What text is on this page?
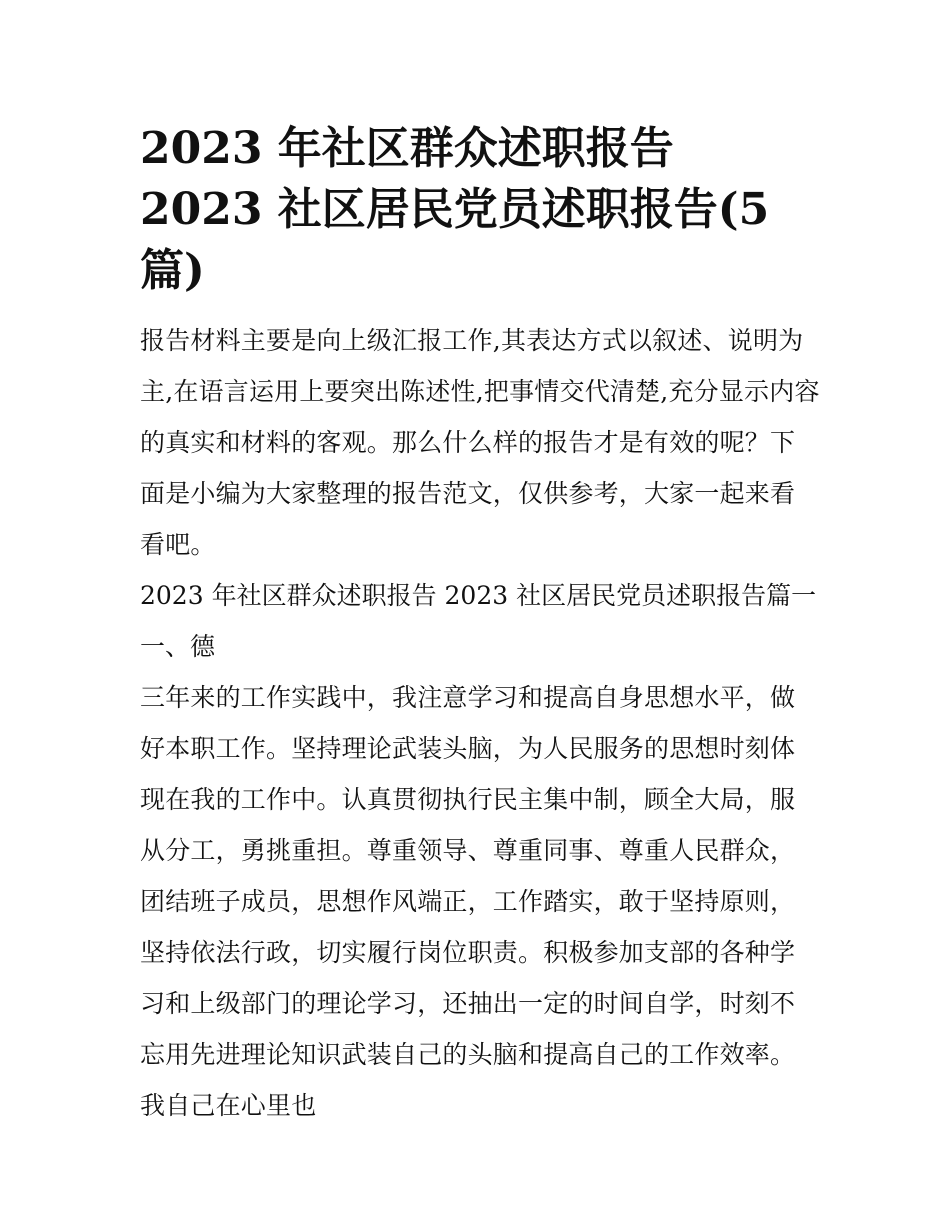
2023 年社区群众述职报告
2023 社区居民党员述职报告(5
篇)

报告材料主要是向上级汇报工作,其表达方式以叙述、说明为主,在语言运用上要突出陈述性,把事情交代清楚,充分显示内容的真实和材料的客观。那么什么样的报告才是有效的呢？下面是小编为大家整理的报告范文，仅供参考，大家一起来看看吧。

2023 年社区群众述职报告 2023 社区居民党员述职报告篇一

一、德

三年来的工作实践中，我注意学习和提高自身思想水平，做好本职工作。坚持理论武装头脑，为人民服务的思想时刻体现在我的工作中。认真贯彻执行民主集中制，顾全大局，服从分工，勇挑重担。尊重领导、尊重同事、尊重人民群众，团结班子成员，思想作风端正，工作踏实，敢于坚持原则，坚持依法行政，切实履行岗位职责。积极参加支部的各种学习和上级部门的理论学习，还抽出一定的时间自学，时刻不忘用先进理论知识武装自己的头脑和提高自己的工作效率。我自己在心里也
